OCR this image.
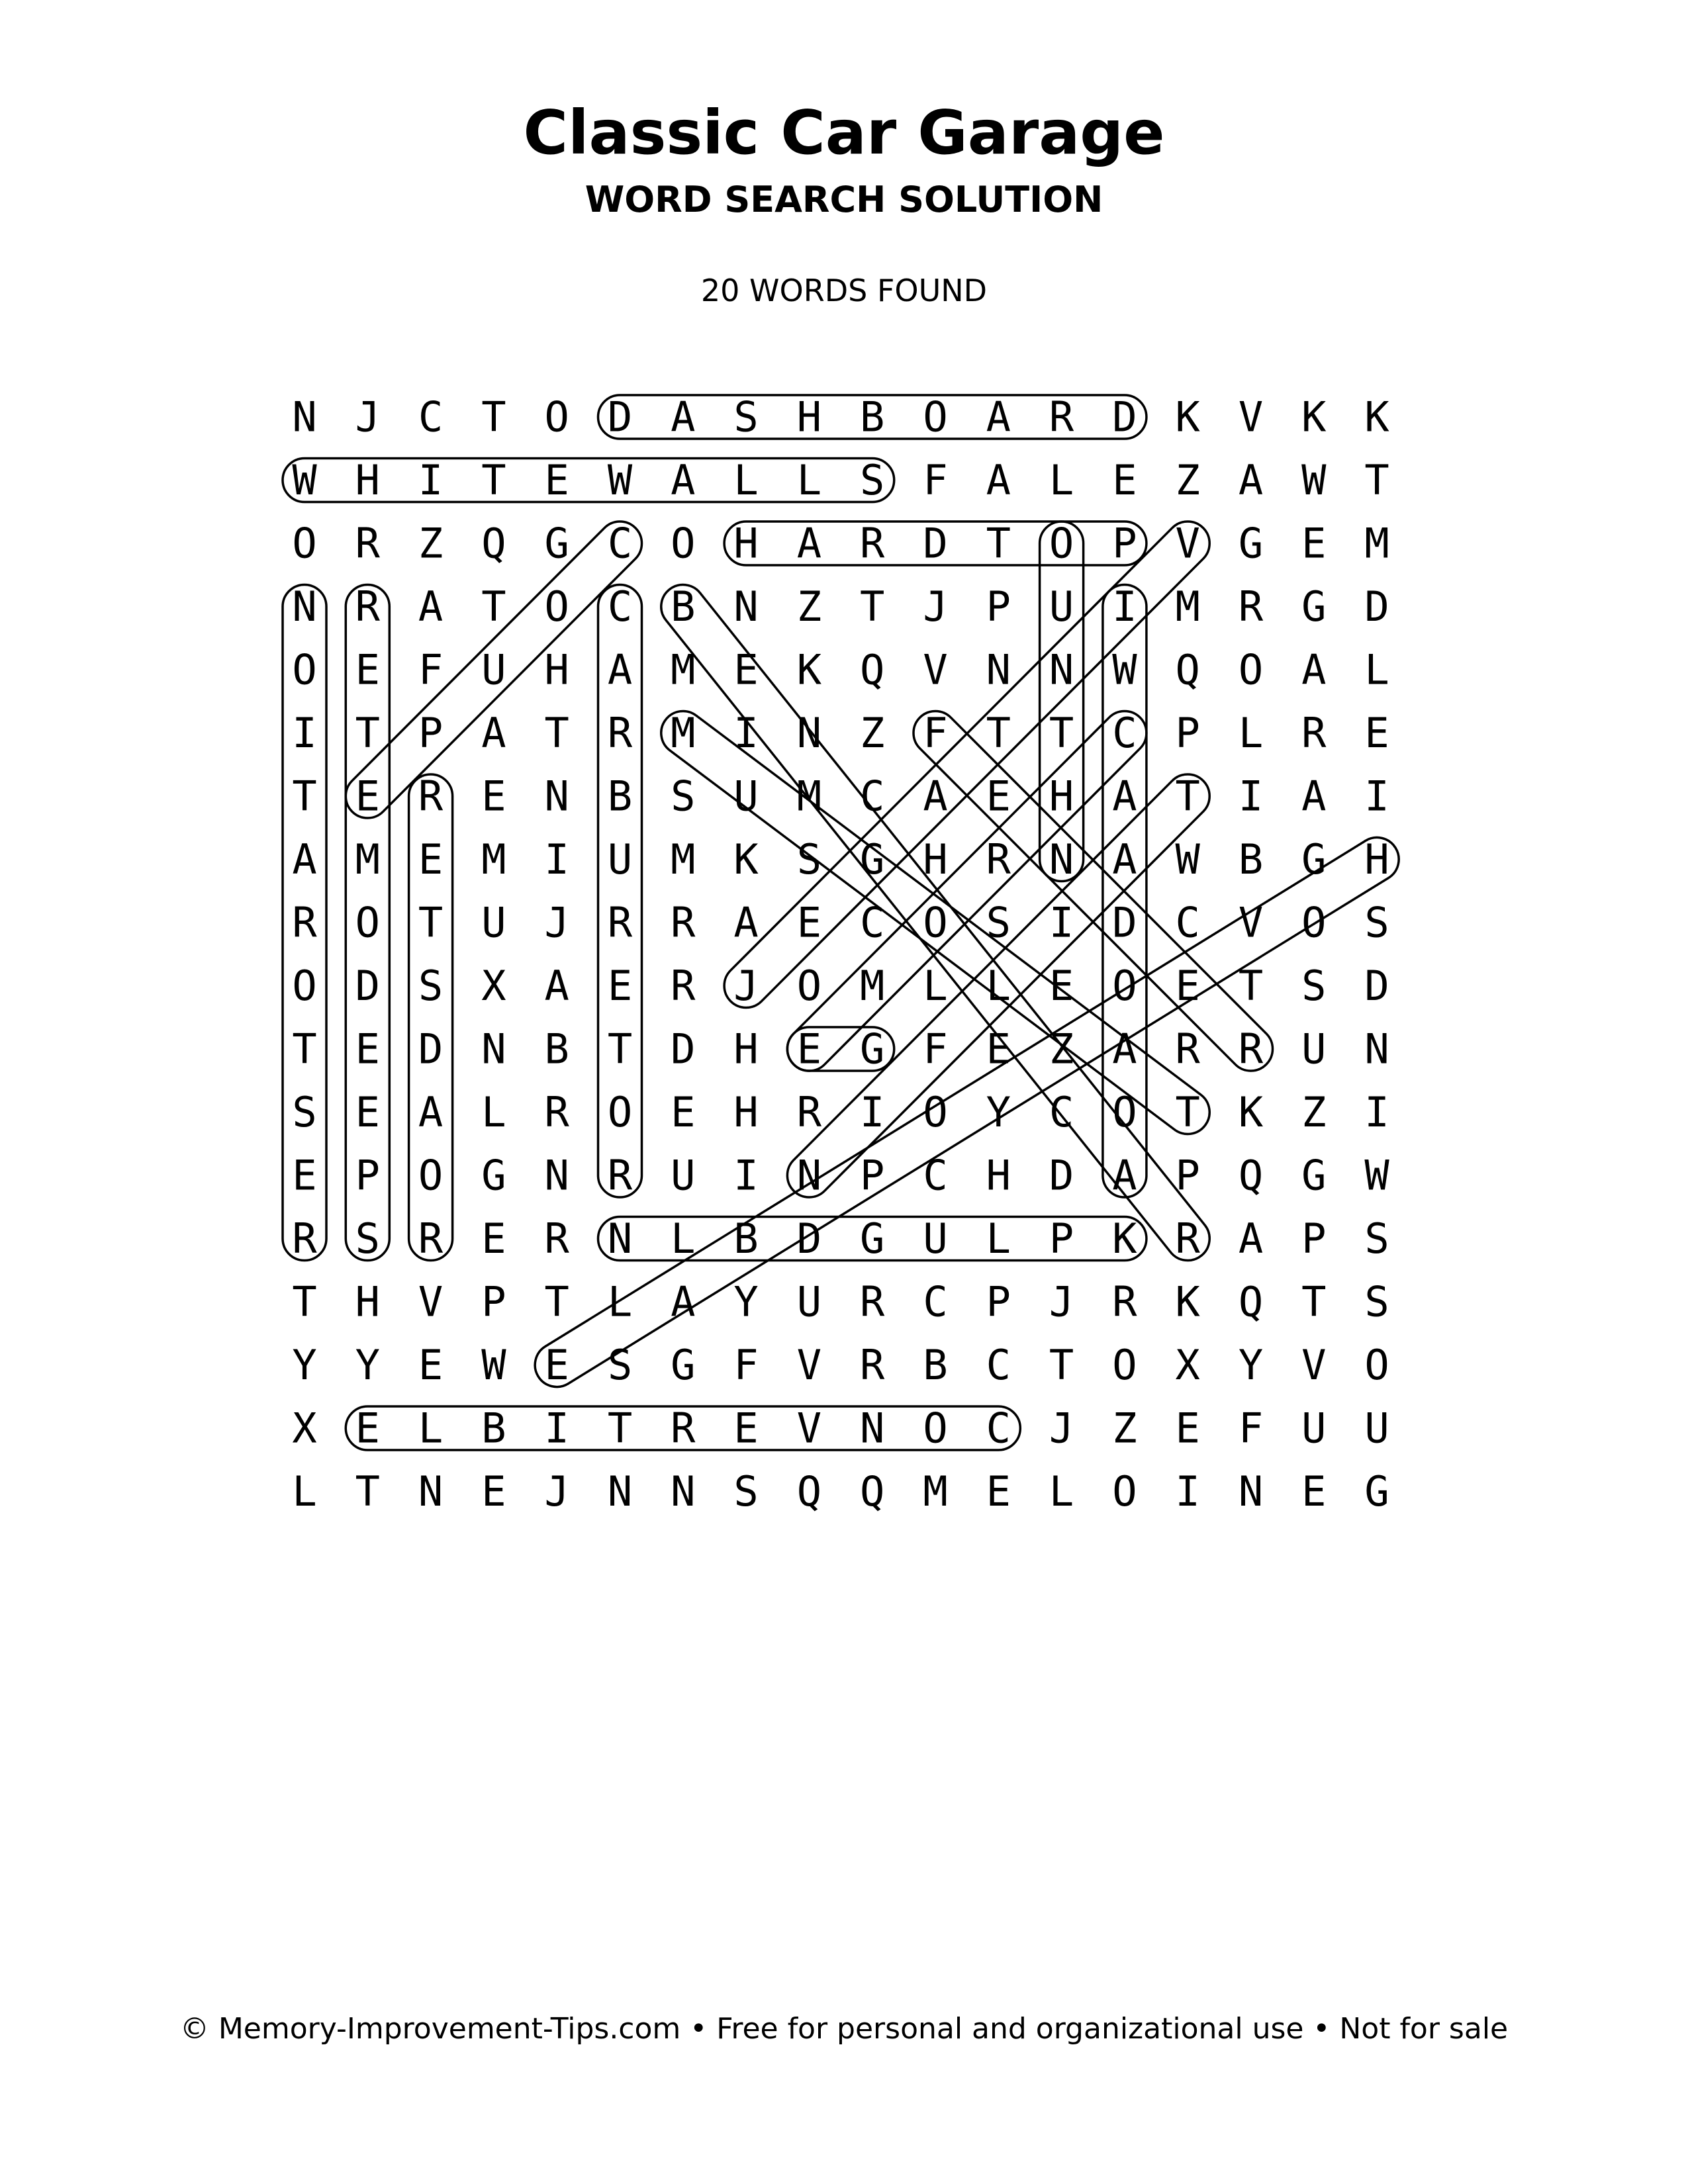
Classic Car Garage
WORD SEARCH SOLUTION
20 WORDS FOUND
N J C T O D A S H B O A R D K V K K
W H I T E W A L L S F A L E Z A W T
O R Z Q G C O H A R D T O P V G E M
N R A T O C B N Z T J P U I M R G D
O E F U H A M E K Q V N N W Q O A L
I T P A T R M I N Z F T T C P L R E
T E R E N B S U M C A E H A T I A I
A M E M I U M K S G H R N A W B G H
R O T U J R R A E C O S I D C V O S
O D S X A E R J O M L L E O E T S D
T E D N B T D H E G F E Z A R R U N
S E A L R O E H R I O Y C O T K Z I
E P O G N R U I N P C H D A P Q G W
R S R E R N L B D G U L P K R A P S
T H V P T L A Y U R C P J R K Q T S
Y Y E W E S G F V R B C T O X Y V O
X E L B I T R E V N O C J Z E F U U
L T N E J N N S Q Q M E L O I N E G
© Memory-Improvement-Tips.com • Free for personal and organizational use • Not for sale
